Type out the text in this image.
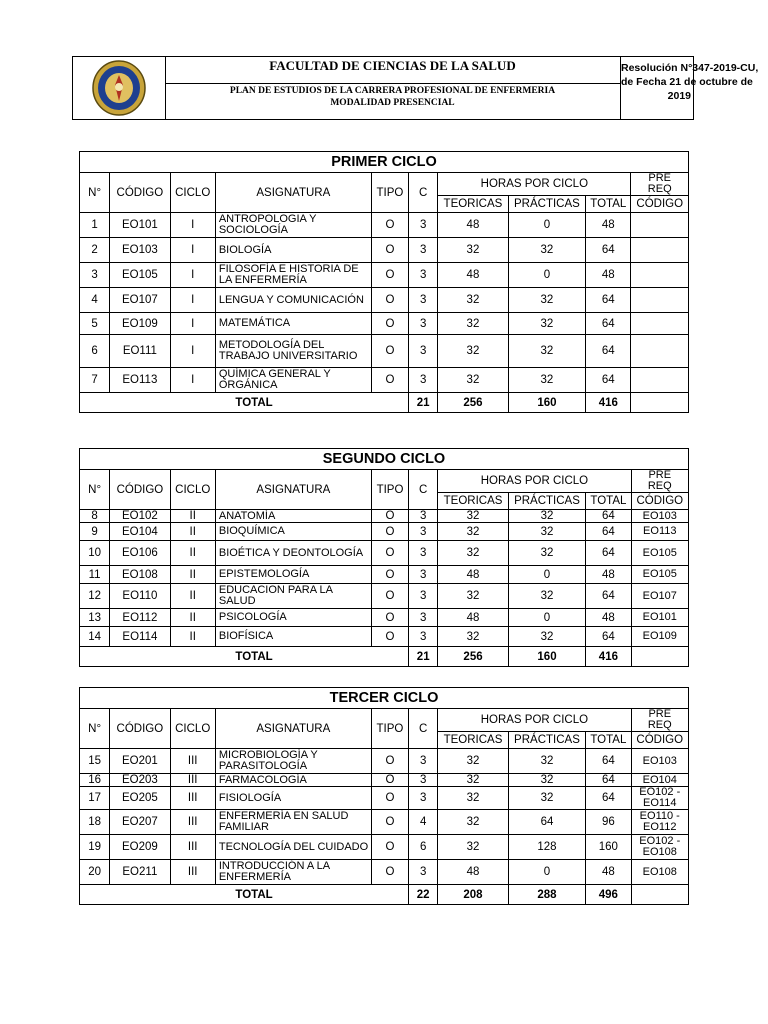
FACULTAD DE CIENCIAS DE LA SALUD
PLAN DE ESTUDIOS DE LA CARRERA PROFESIONAL DE ENFERMERIA
MODALIDAD PRESENCIAL
Resolución N°347-2019-CU,
de Fecha 21 de octubre de
2019
PRIMER CICLO									
N°	CÓDIGO	CICLO	ASIGNATURA	TIPO	C	HORAS POR CICLO			PRE REQ
						TEORICAS	PRÁCTICAS	TOTAL	CÓDIGO
1	EO101	I	ANTROPOLOGIA Y SOCIOLOGÍA	O	3	48	0	48	
2	EO103	I	BIOLOGÍA	O	3	32	32	64	
3	EO105	I	FILOSOFÍA E HISTORIA DE LA ENFERMERÍA	O	3	48	0	48	
4	EO107	I	LENGUA Y COMUNICACIÓN	O	3	32	32	64	
5	EO109	I	MATEMÁTICA	O	3	32	32	64	
6	EO111	I	METODOLOGÍA DEL TRABAJO UNIVERSITARIO	O	3	32	32	64	
7	EO113	I	QUÍMICA GENERAL Y ORGÁNICA	O	3	32	32	64	
TOTAL					21	256	160	416	
SEGUNDO CICLO									
N°	CÓDIGO	CICLO	ASIGNATURA	TIPO	C	HORAS POR CICLO			PRE REQ
						TEORICAS	PRÁCTICAS	TOTAL	CÓDIGO
8	EO102	II	ANATOMÍA	O	3	32	32	64	EO103
9	EO104	II	BIOQUÍMICA	O	3	32	32	64	EO113
10	EO106	II	BIOÉTICA Y DEONTOLOGÍA	O	3	32	32	64	EO105
11	EO108	II	EPISTEMOLOGÍA	O	3	48	0	48	EO105
12	EO110	II	EDUCACION PARA LA SALUD	O	3	32	32	64	EO107
13	EO112	II	PSICOLOGÍA	O	3	48	0	48	EO101
14	EO114	II	BIOFÍSICA	O	3	32	32	64	EO109
TOTAL					21	256	160	416	
TERCER CICLO									
N°	CÓDIGO	CICLO	ASIGNATURA	TIPO	C	HORAS POR CICLO			PRE REQ
						TEORICAS	PRÁCTICAS	TOTAL	CÓDIGO
15	EO201	III	MICROBIOLOGÍA Y PARASITOLOGÍA	O	3	32	32	64	EO103
16	EO203	III	FARMACOLOGÍA	O	3	32	32	64	EO104
17	EO205	III	FISIOLOGÍA	O	3	32	32	64	EO102 - EO114
18	EO207	III	ENFERMERÍA EN SALUD FAMILIAR	O	4	32	64	96	EO110 - EO112
19	EO209	III	TECNOLOGÍA DEL CUIDADO	O	6	32	128	160	EO102 - EO108
20	EO211	III	INTRODUCCIÓN A LA ENFERMERÍA	O	3	48	0	48	EO108
TOTAL					22	208	288	496	
